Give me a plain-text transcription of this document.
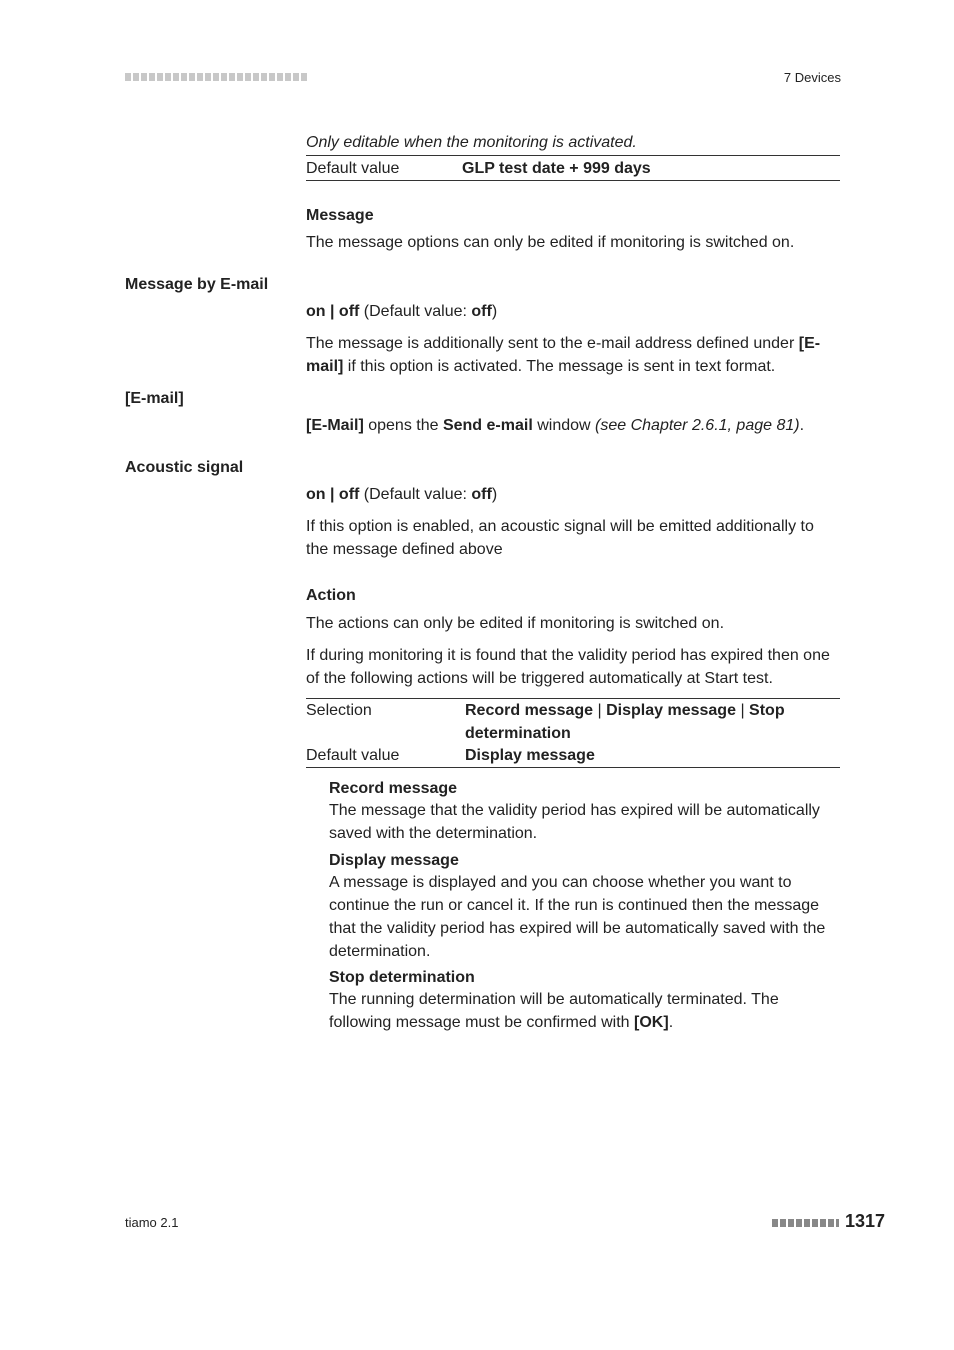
7 Devices
Only editable when the monitoring is activated.
Default value	GLP test date + 999 days
Message
The message options can only be edited if monitoring is switched on.
Message by E-mail
on | off (Default value: off)
The message is additionally sent to the e-mail address defined under [E-mail] if this option is activated. The message is sent in text format.
[E-mail]
[E-Mail] opens the Send e-mail window (see Chapter 2.6.1, page 81).
Acoustic signal
on | off (Default value: off)
If this option is enabled, an acoustic signal will be emitted additionally to the message defined above
Action
The actions can only be edited if monitoring is switched on.
If during monitoring it is found that the validity period has expired then one of the following actions will be triggered automatically at Start test.
Selection	Record message | Display message | Stop determination
Default value	Display message
Record message
The message that the validity period has expired will be automatically saved with the determination.
Display message
A message is displayed and you can choose whether you want to continue the run or cancel it. If the run is continued then the message that the validity period has expired will be automatically saved with the determination.
Stop determination
The running determination will be automatically terminated. The following message must be confirmed with [OK].
tiamo 2.1	1317
